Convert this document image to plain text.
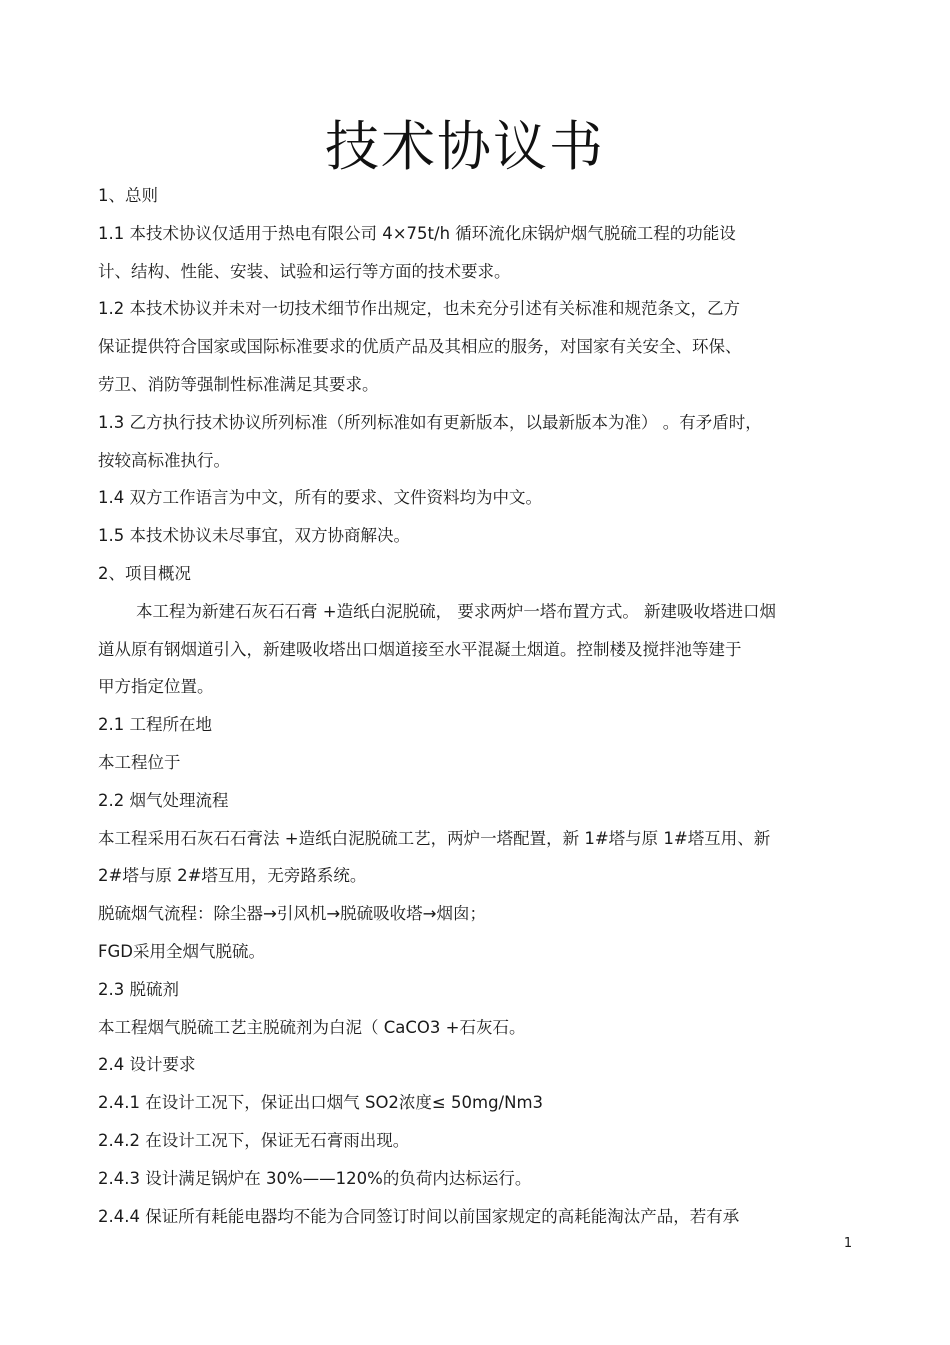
技术协议书
1、总则
1.1 本技术协议仅适用于热电有限公司 4×75t/h 循环流化床锅炉烟气脱硫工程的功能设
计、结构、性能、安装、试验和运行等方面的技术要求。
1.2 本技术协议并未对一切技术细节作出规定，也未充分引述有关标准和规范条文，乙方
保证提供符合国家或国际标准要求的优质产品及其相应的服务，对国家有关安全、环保、
劳卫、消防等强制性标准满足其要求。
1.3 乙方执行技术协议所列标准（所列标准如有更新版本，以最新版本为准） 。有矛盾时，
按较高标准执行。
1.4 双方工作语言为中文，所有的要求、文件资料均为中文。
1.5 本技术协议未尽事宜，双方协商解决。
2、项目概况
本工程为新建石灰石石膏 +造纸白泥脱硫， 要求两炉一塔布置方式。 新建吸收塔进口烟
道从原有钢烟道引入，新建吸收塔出口烟道接至水平混凝土烟道。控制楼及搅拌池等建于
甲方指定位置。
2.1 工程所在地
本工程位于
2.2 烟气处理流程
本工程采用石灰石石膏法 +造纸白泥脱硫工艺，两炉一塔配置，新 1#塔与原 1#塔互用、新
2#塔与原 2#塔互用，无旁路系统。
脱硫烟气流程：除尘器→引风机→脱硫吸收塔→烟囱；
FGD采用全烟气脱硫。
2.3 脱硫剂
本工程烟气脱硫工艺主脱硫剂为白泥（ CaCO3 +石灰石。
2.4 设计要求
2.4.1 在设计工况下，保证出口烟气 SO2浓度≤ 50mg/Nm3
2.4.2 在设计工况下，保证无石膏雨出现。
2.4.3 设计满足锅炉在 30%——120%的负荷内达标运行。
2.4.4 保证所有耗能电器均不能为合同签订时间以前国家规定的高耗能淘汰产品，若有承
1
